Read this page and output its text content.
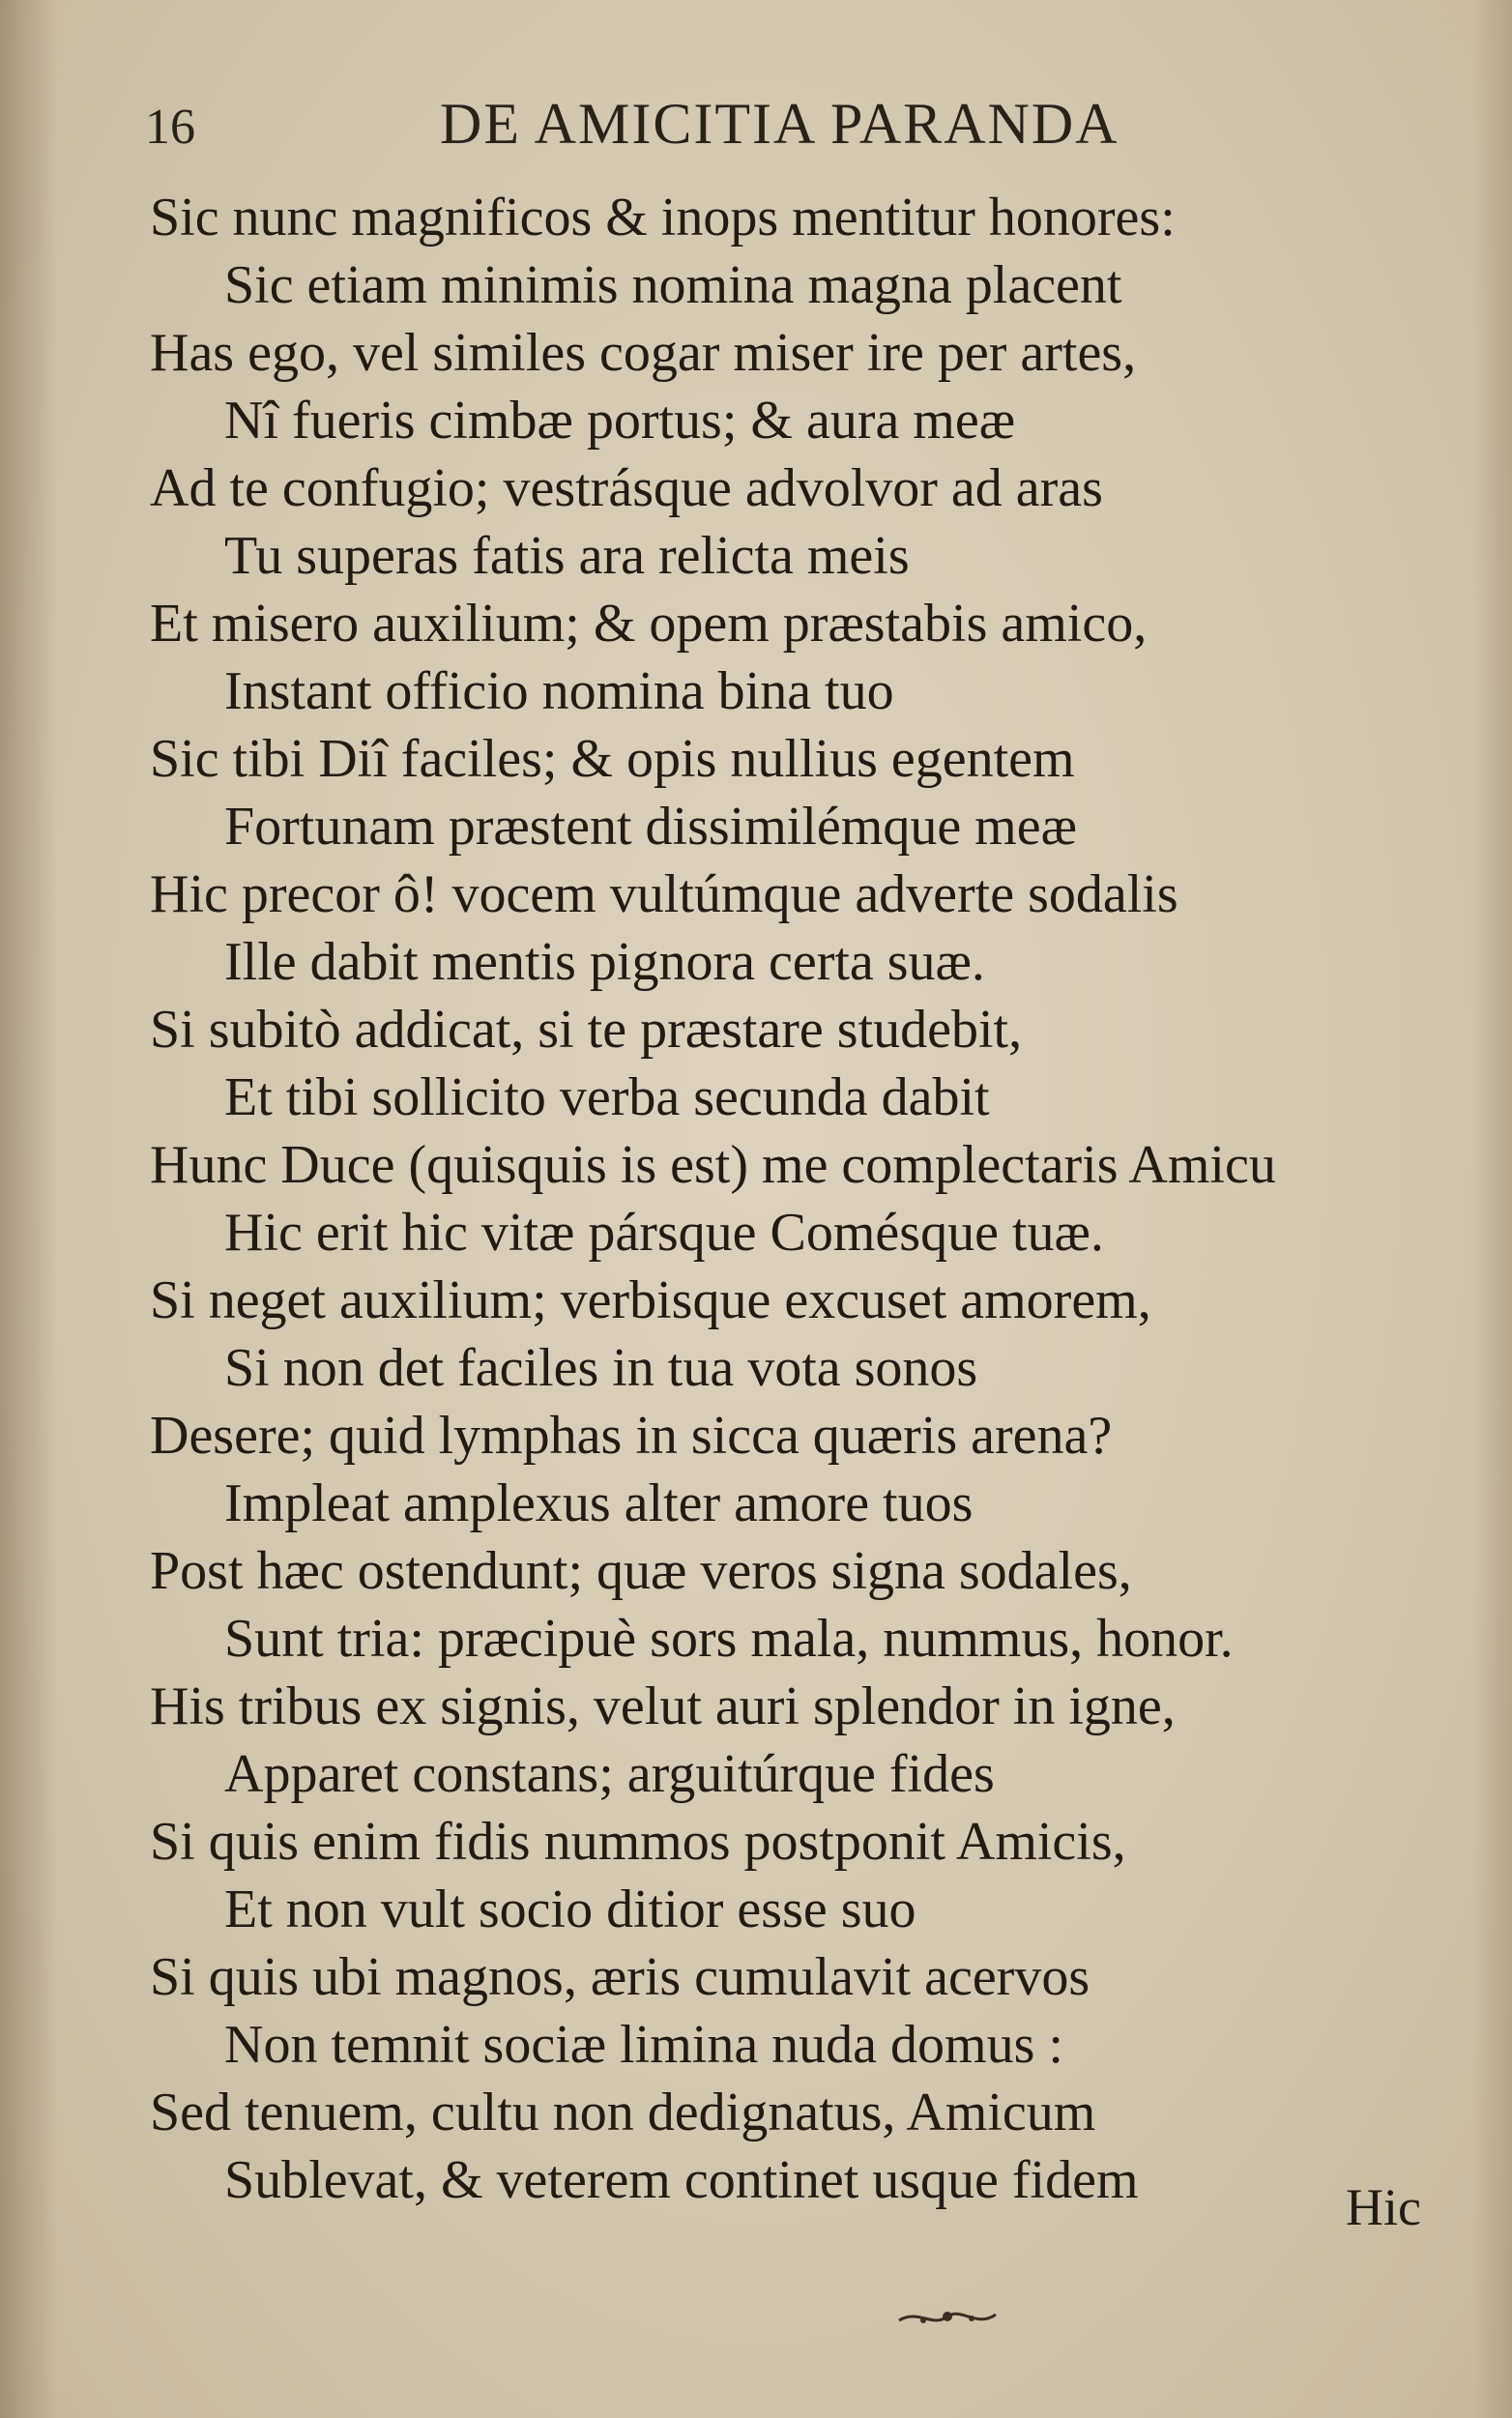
16	DE AMICITIA PARANDA
Sic nunc magnificos & inops mentitur honores:
Sic etiam minimis nomina magna placent
Has ego, vel similes cogar miser ire per artes,
Nî fueris cimbæ portus; & aura meæ
Ad te confugio; vestrásque advolvor ad aras
Tu superas fatis ara relicta meis
Et misero auxilium; & opem præstabis amico,
Instant officio nomina bina tuo
Sic tibi Diî faciles; & opis nullius egentem
Fortunam præstent dissimilémque meæ
Hic precor ô! vocem vultúmque adverte sodalis
Ille dabit mentis pignora certa suæ.
Si subitò addicat, si te præstare studebit,
Et tibi sollicito verba secunda dabit
Hunc Duce (quisquis is est) me complectaris Amicu
Hic erit hic vitæ pársque Comésque tuæ.
Si neget auxilium; verbisque excuset amorem,
Si non det faciles in tua vota sonos
Desere; quid lymphas in sicca quæris arena?
Impleat amplexus alter amore tuos
Post hæc ostendunt; quæ veros signa sodales,
Sunt tria: præcipuè sors mala, nummus, honor.
His tribus ex signis, velut auri splendor in igne,
Apparet constans; arguitúrque fides
Si quis enim fidis nummos postponit Amicis,
Et non vult socio ditior esse suo
Si quis ubi magnos, æris cumulavit acervos
Non temnit sociæ limina nuda domus :
Sed tenuem, cultu non dedignatus, Amicum
Sublevat, & veterem continet usque fidem	Hic
